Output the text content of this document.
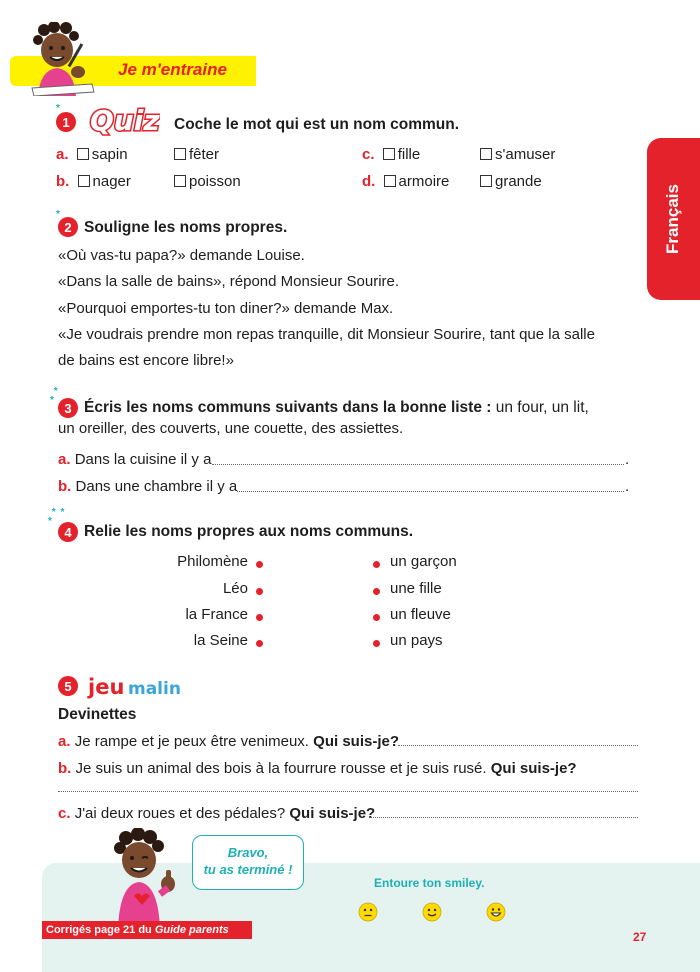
Je m'entraine
Français
*
1 Quiz Coche le mot qui est un nom commun.
a. sapin	fêter
b. nager	poisson
c. fille	s'amuser
d. armoire	grande
*
2 Souligne les noms propres.
«Où vas-tu papa?» demande Louise.
«Dans la salle de bains», répond Monsieur Sourire.
«Pourquoi emportes-tu ton diner?» demande Max.
«Je voudrais prendre mon repas tranquille, dit Monsieur Sourire, tant que la salle
de bains est encore libre!»
*
* 3 Écris les noms communs suivants dans la bonne liste : un four, un lit,
un oreiller, des couverts, une couette, des assiettes.
a. Dans la cuisine il y a	.
b. Dans une chambre il y a	.
* *
*
4 Relie les noms propres aux noms communs.
Philomène
Léo
la France
la Seine
un garçon
une fille
un fleuve
un pays
5 jeu malin
Devinettes
a. Je rampe et je peux être venimeux. Qui suis-je?
b. Je suis un animal des bois à la fourrure rousse et je suis rusé. Qui suis-je?
c. J'ai deux roues et des pédales? Qui suis-je?
Bravo,
tu as terminé !
Entoure ton smiley.
Corrigés page 21 du Guide parents	27
